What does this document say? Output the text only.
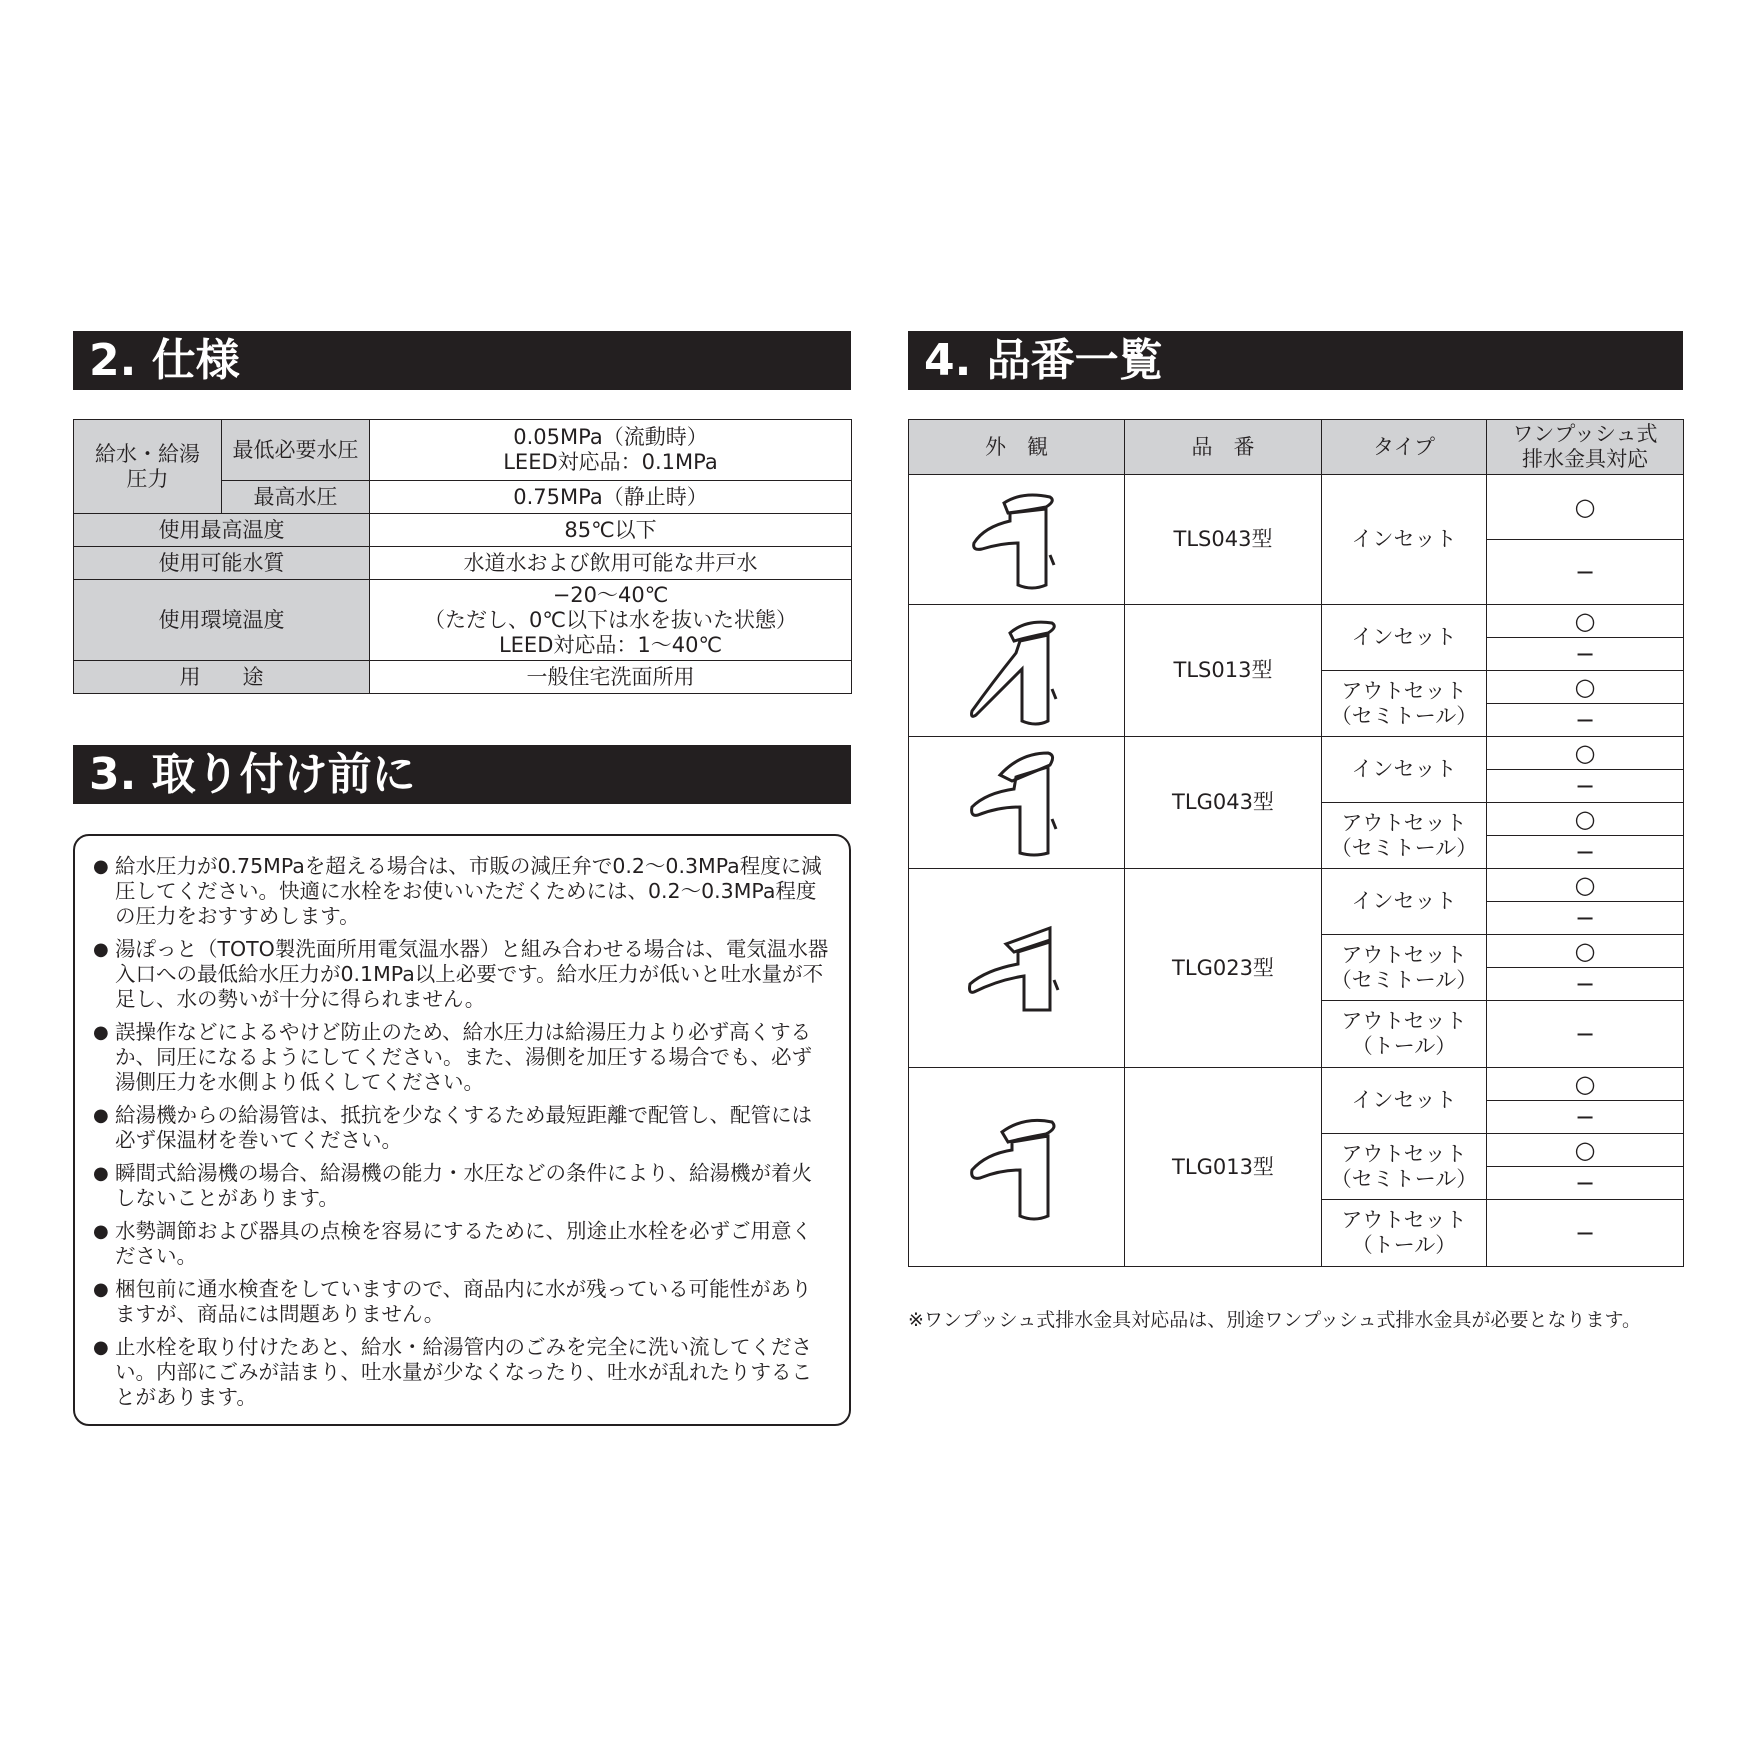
2. 仕様
給水・給湯
圧力	最低必要水圧	0.05MPa（流動時）
LEED対応品：0.1MPa

	最高水圧	0.75MPa（静止時）
使用最高温度		85℃以下
使用可能水質		水道水および飲用可能な井戸水
使用環境温度		−20〜40℃
（ただし、0℃以下は水を抜いた状態）
LEED対応品：1〜40℃

用　　途		一般住宅洗面所用
3. 取り付け前に
● 給水圧力が0.75MPaを超える場合は、市販の減圧弁で0.2〜0.3MPa程度に減圧してください。快適に水栓をお使いいただくためには、0.2〜0.3MPa程度の圧力をおすすめします。
● 湯ぽっと（TOTO製洗面所用電気温水器）と組み合わせる場合は、電気温水器入口への最低給水圧力が0.1MPa以上必要です。給水圧力が低いと吐水量が不足し、水の勢いが十分に得られません。
● 誤操作などによるやけど防止のため、給水圧力は給湯圧力より必ず高くするか、同圧になるようにしてください。また、湯側を加圧する場合でも、必ず湯側圧力を水側より低くしてください。
● 給湯機からの給湯管は、抵抗を少なくするため最短距離で配管し、配管には必ず保温材を巻いてください。
● 瞬間式給湯機の場合、給湯機の能力・水圧などの条件により、給湯機が着火しないことがあります。
● 水勢調節および器具の点検を容易にするために、別途止水栓を必ずご用意ください。
● 梱包前に通水検査をしていますので、商品内に水が残っている可能性がありますが、商品には問題ありません。
● 止水栓を取り付けたあと、給水・給湯管内のごみを完全に洗い流してください。内部にごみが詰まり、吐水量が少なくなったり、吐水が乱れたりすることがあります。
4. 品番一覧
外　観	品　番	タイプ	ワンプッシュ式
排水金具対応

	TLS043型	インセット	○
			−

	TLS013型	インセット	○
			−
		アウトセット
（セミトール）	○
			−

	TLG043型	インセット	○
			−
		アウトセット
（セミトール）	○
			−

	TLG023型	インセット	○
			−
		アウトセット
（セミトール）	○
			−
		アウトセット
（トール）	−

	TLG013型	インセット	○
			−
		アウトセット
（セミトール）	○
			−
		アウトセット
（トール）	−
※ワンプッシュ式排水金具対応品は、別途ワンプッシュ式排水金具が必要となります。
